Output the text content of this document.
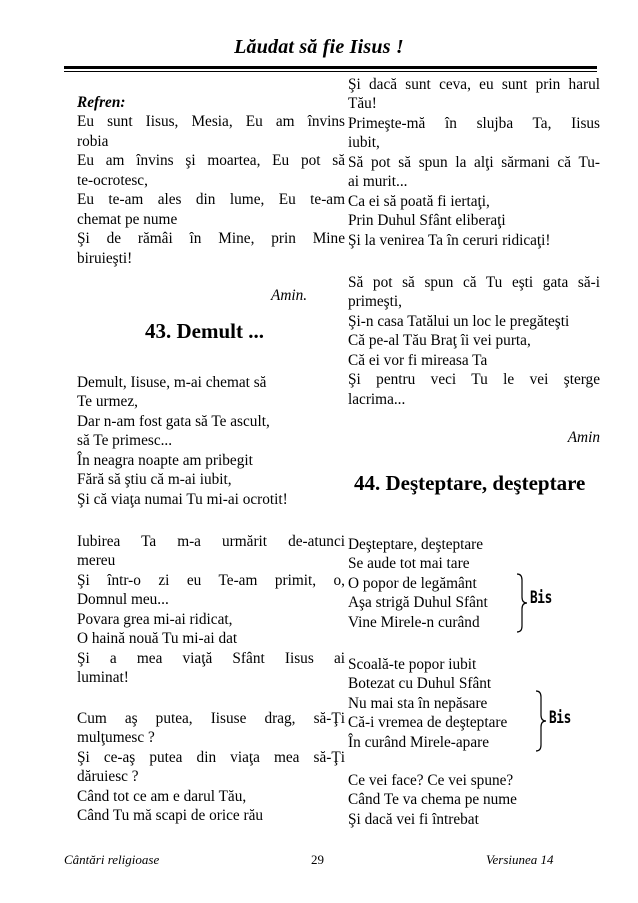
Lăudat să fie Iisus !
Refren:
Eu sunt Iisus, Mesia, Eu am învins
robia
Eu am învins şi moartea, Eu pot să
te-ocrotesc,
Eu te-am ales din lume, Eu te-am
chemat pe nume
Şi de rămâi în Mine, prin Mine
biruieşti!
Amin.
43. Demult ...
Demult, Iisuse, m-ai chemat să
Te urmez,
Dar n-am fost gata să Te ascult,
să Te primesc...
În neagra noapte am pribegit
Fără să ştiu că m-ai iubit,
Şi că viaţa numai Tu mi-ai ocrotit!
Iubirea Ta m-a urmărit de-atunci
mereu
Şi într-o zi eu Te-am primit, o,
Domnul meu...
Povara grea mi-ai ridicat,
O haină nouă Tu mi-ai dat
Şi a mea viaţă Sfânt Iisus ai
luminat!
Cum aş putea, Iisuse drag, să-Ţi
mulţumesc ?
Şi ce-aş putea din viaţa mea să-Ţi
dăruiesc ?
Când tot ce am e darul Tău,
Când Tu mă scapi de orice rău
Şi dacă sunt ceva, eu sunt prin harul
Tău!
Primeşte-mă în slujba Ta, Iisus
iubit,
Să pot să spun la alţi sărmani că Tu-
ai murit...
Ca ei să poată fi iertaţi,
Prin Duhul Sfânt eliberaţi
Şi la venirea Ta în ceruri ridicaţi!
Să pot să spun că Tu eşti gata să-i
primeşti,
Şi-n casa Tatălui un loc le pregăteşti
Că pe-al Tău Braţ îi vei purta,
Că ei vor fi mireasa Ta
Şi pentru veci Tu le vei şterge
lacrima...
Amin
44. Deşteptare, deşteptare
Deşteptare, deşteptare
Se aude tot mai tare
O popor de legământ
Aşa strigă Duhul Sfânt
Vine Mirele-n curând
Bis
Scoală-te popor iubit
Botezat cu Duhul Sfânt
Nu mai sta în nepăsare
Că-i vremea de deşteptare
În curând Mirele-apare
Bis
Ce vei face? Ce vei spune?
Când Te va chema pe nume
Şi dacă vei fi întrebat
Cântări religioase	29	Versiunea 14
